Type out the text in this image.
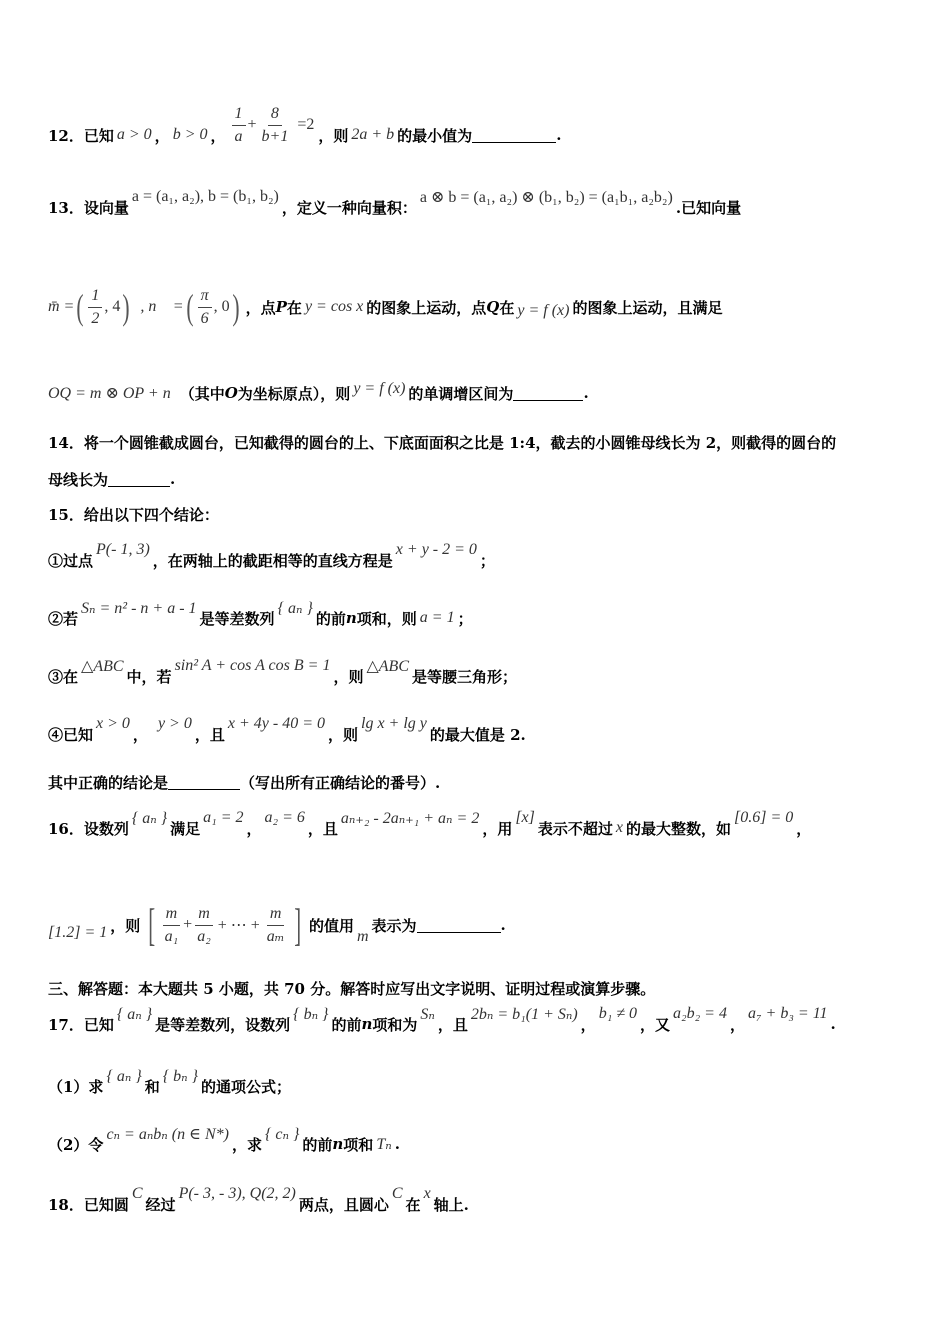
12．已知 a > 0 ， b > 0 ， $\frac{1}{a} + \frac{8}{b+1} =2$
，则 2a + b 的最小值为	.
13．设向量
a = (a₁, a₂), b = (b₁, b₂)
，定义一种向量积：
a ⊗ b = (a₁, a₂) ⊗ (b₁, b₂) = (a₁b₁, a₂b₂)
.已知向量
m̄ = ( $\frac{1}{2}$ , 4 ) , n⃗ = ( $\frac{\pi}{6}$ , 0 ) ，点 P 在 y = cos x 的图象上运动，点 Q 在 y = f (x) 的图象上运动，且满足
OQ = m ⊗ OP + n （其中 O 为坐标原点），则 y = f (x) 的单调增区间为	.
14．将一个圆锥截成圆台，已知截得的圆台的上、下底面面积之比是 1:4，截去的小圆锥母线长为 2，则截得的圆台的
母线长为	.
15．给出以下四个结论：
①过点
P(- 1, 3)
，在两轴上的截距相等的直线方程是
x + y - 2 = 0
；
②若
Sₙ = n² - n + a - 1
是等差数列
{ aₙ }
的前 n 项和，则 a = 1 ；
③在
△ABC
中，若
sin² A + cos A cos B = 1
，则
△ABC
是等腰三角形；
④已知
x > 0
，
y > 0
，且
x + 4y - 40 = 0
，则
lg x + lg y
的最大值是 2.
其中正确的结论是	（写出所有正确结论的番号）.
16．设数列
{ aₙ }
满足
a₁ = 2
，
a₂ = 6
，且
aₙ₊₂ - 2aₙ₊₁ + aₙ = 2
，用
[x]
表示不超过 x 的最大整数，如
[0.6] = 0
，
[1.2] = 1 ，则 [ $\frac{m}{\text{a₁}} + \frac{m}{\text{a₂}}$ + ⋯ + $\frac{m}{\text{aₘ}}$ ] 的值用
m
表示为	.
三、解答题：本大题共 5 小题，共 70 分。解答时应写出文字说明、证明过程或演算步骤。
17．已知
{ aₙ }
是等差数列，设数列
{ bₙ }
的前 n 项和为
Sₙ
，且
2bₙ = b₁(1 + Sₙ)
，
b₁ ≠ 0
，又
a₂b₂ = 4
，
a₇ + b₃ = 11
.
（1）求
{ aₙ }
和
{ bₙ }
的通项公式；
（2）令
cₙ = aₙbₙ (n ∈ N*)
，求
{ cₙ }
的前 n 项和 Tₙ .
18．已知圆
C
经过
P(- 3, - 3), Q(2, 2)
两点，且圆心
C
在
x
轴上.
